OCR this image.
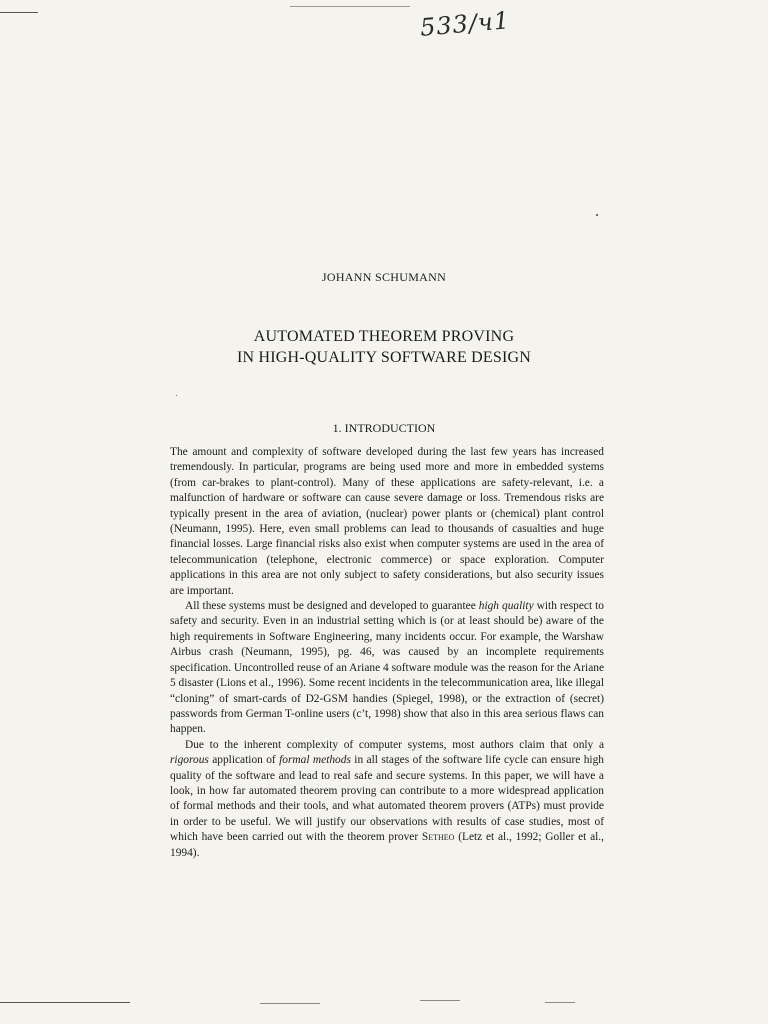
533/ч1
JOHANN SCHUMANN
AUTOMATED THEOREM PROVING
IN HIGH-QUALITY SOFTWARE DESIGN
1. INTRODUCTION

The amount and complexity of software developed during the last few years has increased tremendously. In particular, programs are being used more and more in embedded systems (from car-brakes to plant-control). Many of these applications are safety-relevant, i.e. a malfunction of hardware or software can cause severe damage or loss. Tremendous risks are typically present in the area of aviation, (nuclear) power plants or (chemical) plant control (Neumann, 1995). Here, even small problems can lead to thousands of casualties and huge financial losses. Large financial risks also exist when computer systems are used in the area of telecommunication (telephone, electronic commerce) or space exploration. Computer applications in this area are not only subject to safety considerations, but also security issues are important.

All these systems must be designed and developed to guarantee high quality with respect to safety and security. Even in an industrial setting which is (or at least should be) aware of the high requirements in Software Engineering, many incidents occur. For example, the Warshaw Airbus crash (Neumann, 1995), pg. 46, was caused by an incomplete requirements specification. Uncontrolled reuse of an Ariane 4 software module was the reason for the Ariane 5 disaster (Lions et al., 1996). Some recent incidents in the telecommunication area, like illegal “cloning” of smart-cards of D2-GSM handies (Spiegel, 1998), or the extraction of (secret) passwords from German T-online users (c’t, 1998) show that also in this area serious flaws can happen.

Due to the inherent complexity of computer systems, most authors claim that only a rigorous application of formal methods in all stages of the software life cycle can ensure high quality of the software and lead to real safe and secure systems. In this paper, we will have a look, in how far automated theorem proving can contribute to a more widespread application of formal methods and their tools, and what automated theorem provers (ATPs) must provide in order to be useful. We will justify our observations with results of case studies, most of which have been carried out with the theorem prover Setheo (Letz et al., 1992; Goller et al., 1994).
